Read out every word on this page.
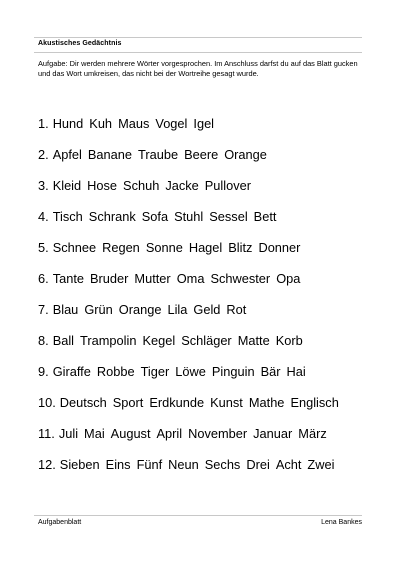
Akustisches Gedächtnis
Aufgabe: Dir werden mehrere Wörter vorgesprochen. Im Anschluss darfst du auf das Blatt gucken und das Wort umkreisen, das nicht bei der Wortreihe gesagt wurde.
1. Hund Kuh Maus Vogel Igel
2. Apfel Banane Traube Beere Orange
3. Kleid Hose Schuh Jacke Pullover
4. Tisch Schrank Sofa Stuhl Sessel Bett
5. Schnee Regen Sonne Hagel Blitz Donner
6. Tante Bruder Mutter Oma Schwester Opa
7. Blau Grün Orange Lila Geld Rot
8. Ball Trampolin Kegel Schläger Matte Korb
9. Giraffe Robbe Tiger Löwe Pinguin Bär Hai
10. Deutsch Sport Erdkunde Kunst Mathe Englisch
11. Juli Mai August April November Januar März
12. Sieben Eins Fünf Neun Sechs Drei Acht Zwei
Aufgabenblatt	Lena Bankes
